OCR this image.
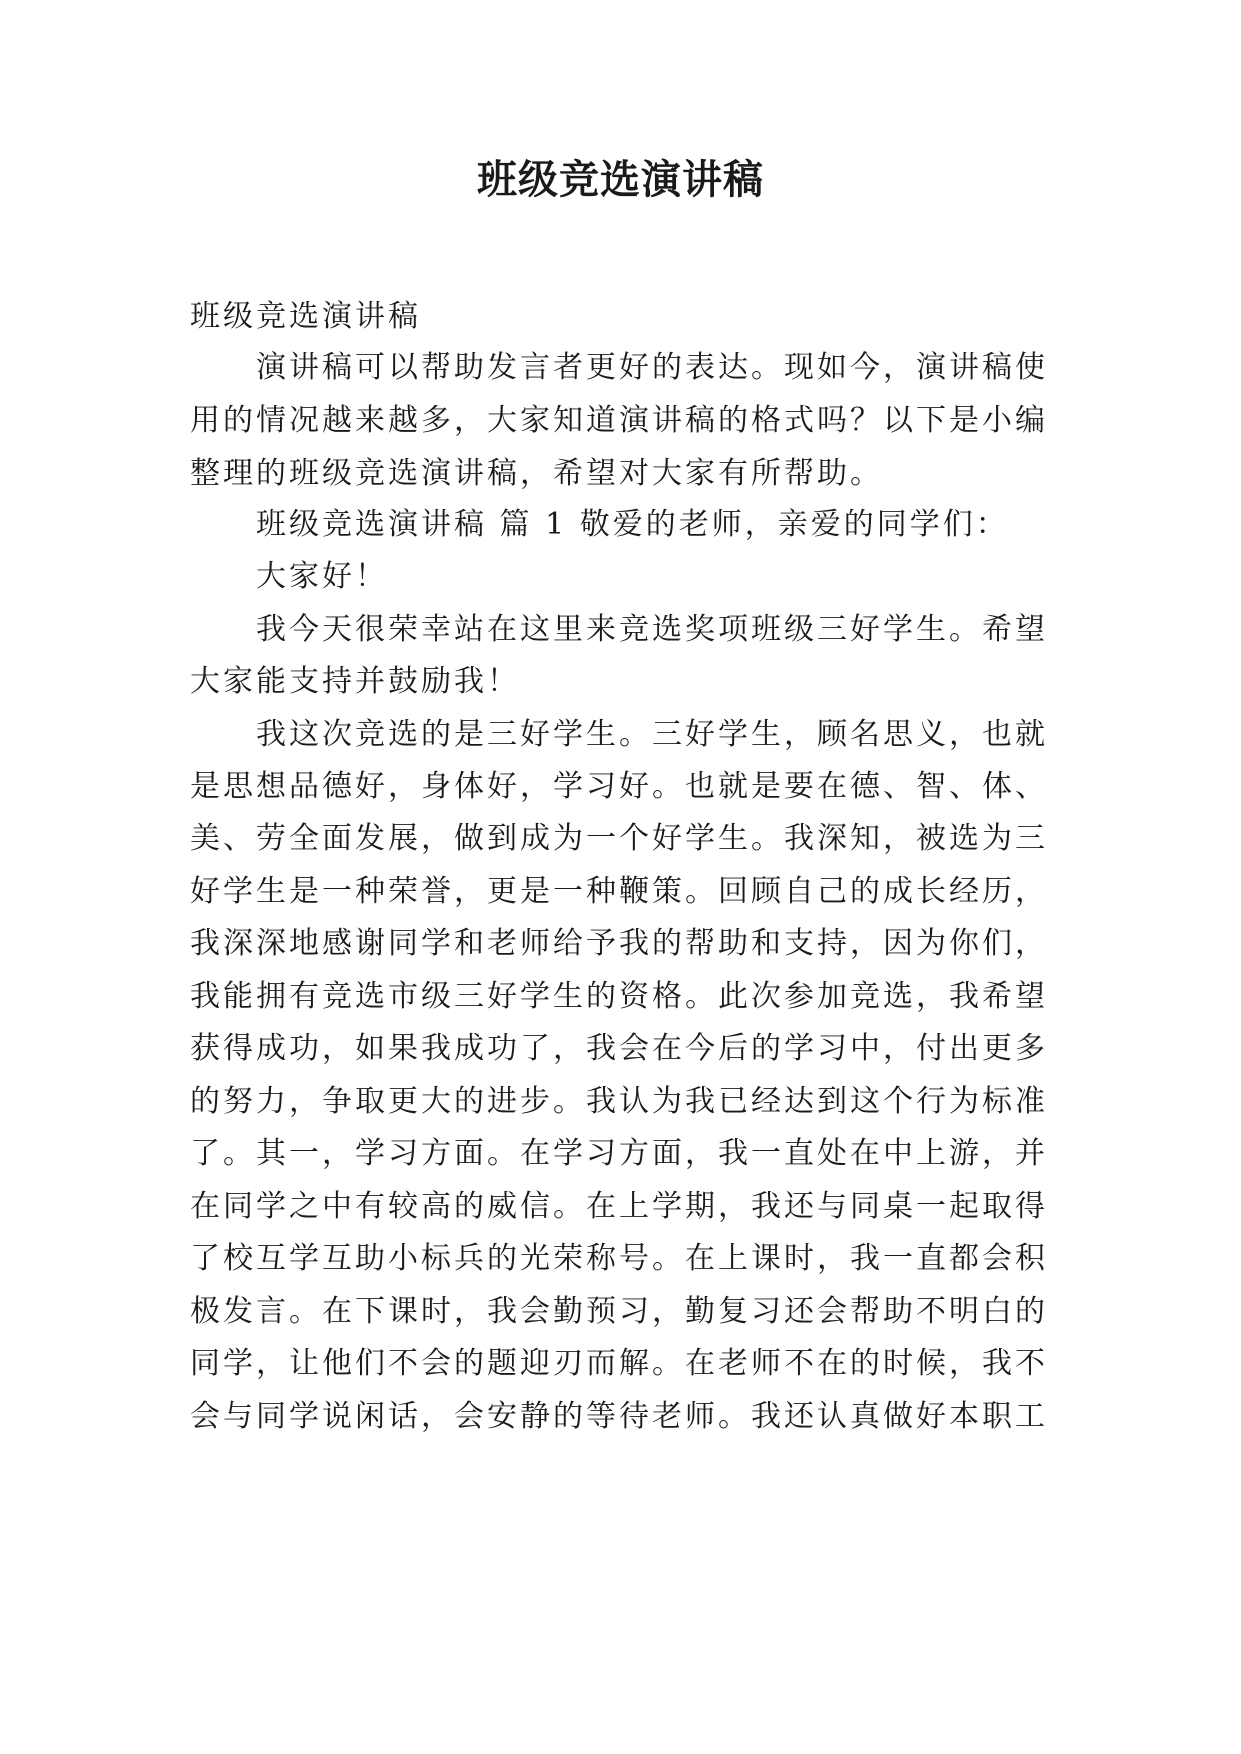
班级竞选演讲稿
班级竞选演讲稿
演讲稿可以帮助发言者更好的表达。现如今，演讲稿使
用的情况越来越多，大家知道演讲稿的格式吗？以下是小编
整理的班级竞选演讲稿，希望对大家有所帮助。
班级竞选演讲稿 篇 1 敬爱的老师，亲爱的同学们：
大家好！
我今天很荣幸站在这里来竞选奖项班级三好学生。希望
大家能支持并鼓励我！
我这次竞选的是三好学生。三好学生，顾名思义，也就
是思想品德好，身体好，学习好。也就是要在德、智、体、
美、劳全面发展，做到成为一个好学生。我深知，被选为三
好学生是一种荣誉，更是一种鞭策。回顾自己的成长经历，
我深深地感谢同学和老师给予我的帮助和支持，因为你们，
我能拥有竞选市级三好学生的资格。此次参加竞选，我希望
获得成功，如果我成功了，我会在今后的学习中，付出更多
的努力，争取更大的进步。我认为我已经达到这个行为标准
了。其一，学习方面。在学习方面，我一直处在中上游，并
在同学之中有较高的威信。在上学期，我还与同桌一起取得
了校互学互助小标兵的光荣称号。在上课时，我一直都会积
极发言。在下课时，我会勤预习，勤复习还会帮助不明白的
同学，让他们不会的题迎刃而解。在老师不在的时候，我不
会与同学说闲话，会安静的等待老师。我还认真做好本职工
